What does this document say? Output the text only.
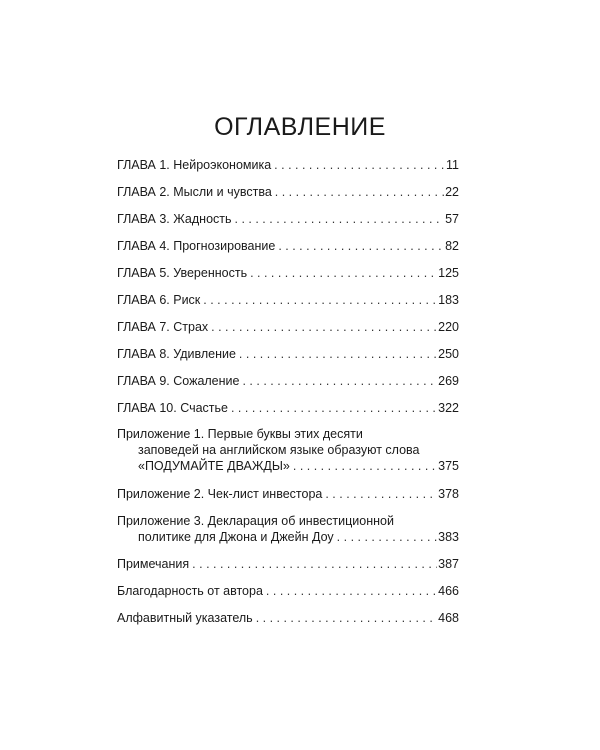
ОГЛАВЛЕНИЕ
ГЛАВА 1. Нейроэкономика . . .	11
ГЛАВА 2. Мысли и чувства . . .	22
ГЛАВА 3. Жадность . . .	57
ГЛАВА 4. Прогнозирование . . .	82
ГЛАВА 5. Уверенность . . .	125
ГЛАВА 6. Риск . . .	183
ГЛАВА 7. Страх . . .	220
ГЛАВА 8. Удивление . . .	250
ГЛАВА 9. Сожаление . . .	269
ГЛАВА 10. Счастье . . .	322
Приложение 1. Первые буквы этих десяти
заповедей на английском языке образуют слова
«ПОДУМАЙТЕ ДВАЖДЫ» . . .	375
Приложение 2. Чек-лист инвестора . . .	378
Приложение 3. Декларация об инвестиционной
политике для Джона и Джейн Доу . . .	383
Примечания . . .	387
Благодарность от автора . . .	466
Алфавитный указатель . . .	468
